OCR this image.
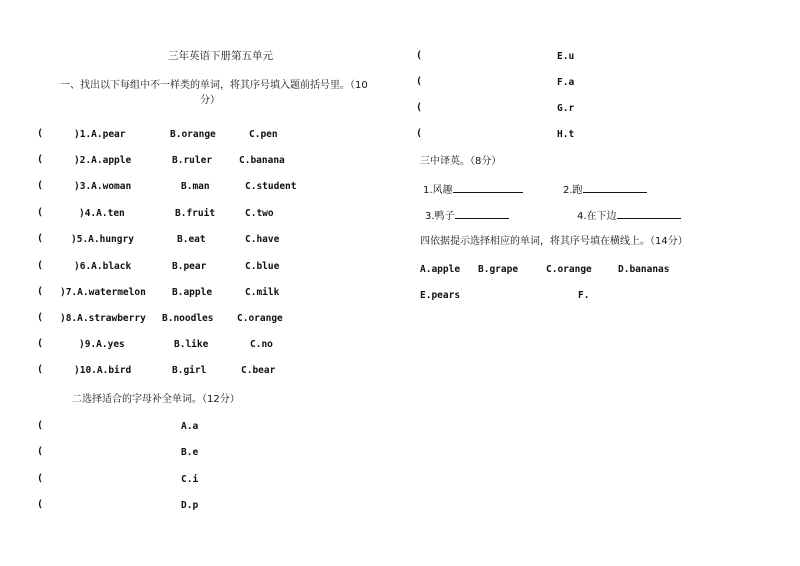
三年英语下册第五单元
一、找出以下每组中不一样类的单词，将其序号填入题前括号里。（10
分）
(	)1.A.pear	B.orange	C.pen
(	)2.A.apple	B.ruler	C.banana
(	)3.A.woman	B.man	C.student
(	)4.A.ten	B.fruit	C.two
(	)5.A.hungry	B.eat	C.have
(	)6.A.black	B.pear	C.blue
( )7.A.watermelon	B.apple	C.milk
( )8.A.strawberry B.noodles C.orange
(	)9.A.yes	B.like	C.no
(	)10.A.bird	B.girl	C.bear
二选择适合的字母补全单词。（12分）
(	A.a
(	B.e
(	C.i
(	D.p
(	E.u
(	F.a
(	G.r
(	H.t
三中译英。（8分）
1.风趣	2.跑
3.鸭子	4.在下边
四依据提示选择相应的单词，将其序号填在横线上。（14分）
A.apple B.grape	C.orange	D.bananas
E.pears	F.
